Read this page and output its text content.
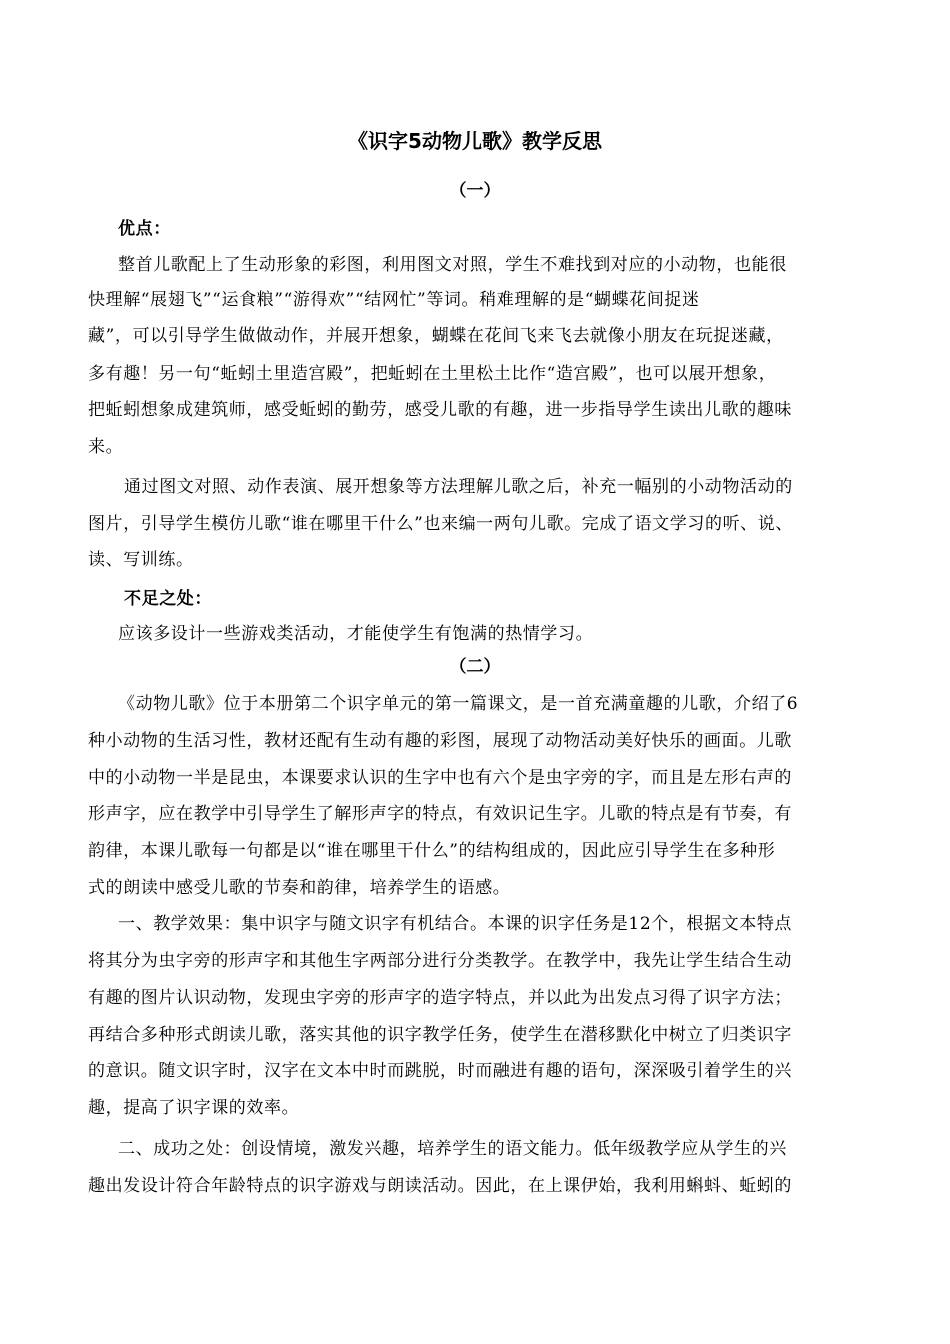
《识字5动物儿歌》教学反思
（一）
优点：
整首儿歌配上了生动形象的彩图，利用图文对照，学生不难找到对应的小动物，也能很
快理解“展翅飞”“运食粮”“游得欢”“结网忙”等词。稍难理解的是“蝴蝶花间捉迷
藏”，可以引导学生做做动作，并展开想象，蝴蝶在花间飞来飞去就像小朋友在玩捉迷藏，
多有趣！另一句“蚯蚓土里造宫殿”，把蚯蚓在土里松土比作“造宫殿”，也可以展开想象，
把蚯蚓想象成建筑师，感受蚯蚓的勤劳，感受儿歌的有趣，进一步指导学生读出儿歌的趣味
来。
通过图文对照、动作表演、展开想象等方法理解儿歌之后，补充一幅别的小动物活动的
图片，引导学生模仿儿歌“谁在哪里干什么”也来编一两句儿歌。完成了语文学习的听、说、
读、写训练。
不足之处：
应该多设计一些游戏类活动，才能使学生有饱满的热情学习。
（二）
《动物儿歌》位于本册第二个识字单元的第一篇课文，是一首充满童趣的儿歌，介绍了6
种小动物的生活习性，教材还配有生动有趣的彩图，展现了动物活动美好快乐的画面。儿歌
中的小动物一半是昆虫，本课要求认识的生字中也有六个是虫字旁的字，而且是左形右声的
形声字，应在教学中引导学生了解形声字的特点，有效识记生字。儿歌的特点是有节奏，有
韵律，本课儿歌每一句都是以“谁在哪里干什么”的结构组成的，因此应引导学生在多种形
式的朗读中感受儿歌的节奏和韵律，培养学生的语感。
一、教学效果：集中识字与随文识字有机结合。本课的识字任务是12个，根据文本特点
将其分为虫字旁的形声字和其他生字两部分进行分类教学。在教学中，我先让学生结合生动
有趣的图片认识动物，发现虫字旁的形声字的造字特点，并以此为出发点习得了识字方法；
再结合多种形式朗读儿歌，落实其他的识字教学任务，使学生在潜移默化中树立了归类识字
的意识。随文识字时，汉字在文本中时而跳脱，时而融进有趣的语句，深深吸引着学生的兴
趣，提高了识字课的效率。
二、成功之处：创设情境，激发兴趣，培养学生的语文能力。低年级教学应从学生的兴
趣出发设计符合年龄特点的识字游戏与朗读活动。因此，在上课伊始，我利用蝌蚪、蚯蚓的
